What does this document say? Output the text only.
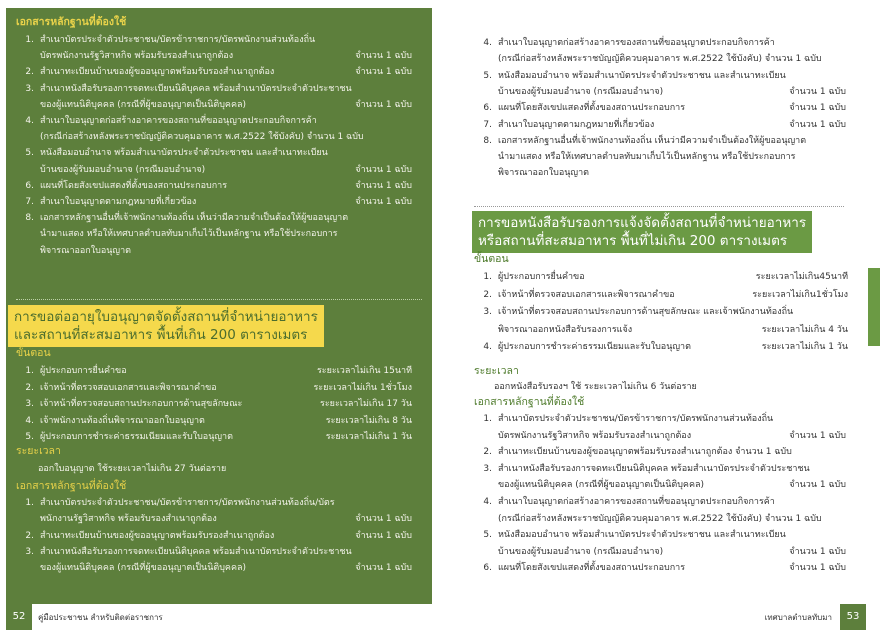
เอกสารหลักฐานที่ต้องใช้
1. สำเนาบัตรประจำตัวประชาชน/บัตรข้าราชการ/บัตรพนักงานส่วนท้องถิ่น
บัตรพนักงานรัฐวิสาหกิจ พร้อมรับรองสำเนาถูกต้อง	จำนวน 1 ฉบับ
2. สำเนาทะเบียนบ้านของผู้ขออนุญาตพร้อมรับรองสำเนาถูกต้อง	จำนวน 1 ฉบับ
3. สำเนาหนังสือรับรองการจดทะเบียนนิติบุคคล พร้อมสำเนาบัตรประจำตัวประชาชน
ของผู้แทนนิติบุคคล (กรณีที่ผู้ขออนุญาตเป็นนิติบุคคล)	จำนวน 1 ฉบับ
4. สำเนาใบอนุญาตก่อสร้างอาคารของสถานที่ขออนุญาตประกอบกิจการค้า
(กรณีก่อสร้างหลังพระราชบัญญัติควบคุมอาคาร พ.ศ.2522 ใช้บังคับ) จำนวน 1 ฉบับ
5. หนังสือมอบอำนาจ พร้อมสำเนาบัตรประจำตัวประชาชน และสำเนาทะเบียน
บ้านของผู้รับมอบอำนาจ (กรณีมอบอำนาจ)	จำนวน 1 ฉบับ
6. แผนที่โดยสังเขปแสดงที่ตั้งของสถานประกอบการ	จำนวน 1 ฉบับ
7. สำเนาใบอนุญาตตามกฎหมายที่เกี่ยวข้อง	จำนวน 1 ฉบับ
8. เอกสารหลักฐานอื่นที่เจ้าพนักงานท้องถิ่น เห็นว่ามีความจำเป็นต้องให้ผู้ขออนุญาต
นำมาแสดง หรือให้เทศบาลตำบลทับมาเก็บไว้เป็นหลักฐาน หรือใช้ประกอบการ
พิจารณาออกใบอนุญาต
การขอต่ออายุใบอนุญาตจัดตั้งสถานที่จำหน่ายอาหาร
และสถานที่สะสมอาหาร พื้นที่เกิน 200 ตารางเมตร
ขั้นตอน
1. ผู้ประกอบการยื่นคำขอ	ระยะเวลาไม่เกิน 15นาที
2. เจ้าหน้าที่ตรวจสอบเอกสารและพิจารณาคำขอ	ระยะเวลาไม่เกิน 1ชั่วโมง
3. เจ้าหน้าที่ตรวจสอบสถานประกอบการด้านสุขลักษณะ	ระยะเวลาไม่เกิน 17 วัน
4. เจ้าพนักงานท้องถิ่นพิจารณาออกใบอนุญาต	ระยะเวลาไม่เกิน 8 วัน
5. ผู้ประกอบการชำระค่าธรรมเนียมและรับใบอนุญาต	ระยะเวลาไม่เกิน 1 วัน
ระยะเวลา
ออกใบอนุญาต ใช้ระยะเวลาไม่เกิน 27 วันต่อราย
เอกสารหลักฐานที่ต้องใช้
1. สำเนาบัตรประจำตัวประชาชน/บัตรข้าราชการ/บัตรพนักงานส่วนท้องถิ่น/บัตร
พนักงานรัฐวิสาหกิจ พร้อมรับรองสำเนาถูกต้อง	จำนวน 1 ฉบับ
2. สำเนาทะเบียนบ้านของผู้ขออนุญาตพร้อมรับรองสำเนาถูกต้อง	จำนวน 1 ฉบับ
3. สำเนาหนังสือรับรองการจดทะเบียนนิติบุคคล พร้อมสำเนาบัตรประจำตัวประชาชน
ของผู้แทนนิติบุคคล (กรณีที่ผู้ขออนุญาตเป็นนิติบุคคล)	จำนวน 1 ฉบับ
4. สำเนาใบอนุญาตก่อสร้างอาคารของสถานที่ขออนุญาตประกอบกิจการค้า
(กรณีก่อสร้างหลังพระราชบัญญัติควบคุมอาคาร พ.ศ.2522 ใช้บังคับ) จำนวน 1 ฉบับ
5. หนังสือมอบอำนาจ พร้อมสำเนาบัตรประจำตัวประชาชน และสำเนาทะเบียน
บ้านของผู้รับมอบอำนาจ (กรณีมอบอำนาจ)	จำนวน 1 ฉบับ
6. แผนที่โดยสังเขปแสดงที่ตั้งของสถานประกอบการ	จำนวน 1 ฉบับ
7. สำเนาใบอนุญาตตามกฎหมายที่เกี่ยวข้อง	จำนวน 1 ฉบับ
8. เอกสารหลักฐานอื่นที่เจ้าพนักงานท้องถิ่น เห็นว่ามีความจำเป็นต้องให้ผู้ขออนุญาต
นำมาแสดง หรือให้เทศบาลตำบลทับมาเก็บไว้เป็นหลักฐาน หรือใช้ประกอบการ
พิจารณาออกใบอนุญาต
การขอหนังสือรับรองการแจ้งจัดตั้งสถานที่จำหน่ายอาหาร
หรือสถานที่สะสมอาหาร พื้นที่ไม่เกิน 200 ตารางเมตร
ขั้นตอน
1. ผู้ประกอบการยื่นคำขอ	ระยะเวลาไม่เกิน45นาที
2. เจ้าหน้าที่ตรวจสอบเอกสารและพิจารณาคำขอ	ระยะเวลาไม่เกิน1ชั่วโมง
3. เจ้าหน้าที่ตรวจสอบสถานประกอบการด้านสุขลักษณะ และเจ้าพนักงานท้องถิ่น
พิจารณาออกหนังสือรับรองการแจ้ง	ระยะเวลาไม่เกิน 4 วัน
4. ผู้ประกอบการชำระค่าธรรมเนียมและรับใบอนุญาต	ระยะเวลาไม่เกิน 1 วัน
ระยะเวลา
ออกหนังสือรับรองฯ ใช้ ระยะเวลาไม่เกิน 6 วันต่อราย
เอกสารหลักฐานที่ต้องใช้
1. สำเนาบัตรประจำตัวประชาชน/บัตรข้าราชการ/บัตรพนักงานส่วนท้องถิ่น
บัตรพนักงานรัฐวิสาหกิจ พร้อมรับรองสำเนาถูกต้อง	จำนวน 1 ฉบับ
2. สำเนาทะเบียนบ้านของผู้ขออนุญาตพร้อมรับรองสำเนาถูกต้อง จำนวน 1 ฉบับ
3. สำเนาหนังสือรับรองการจดทะเบียนนิติบุคคล พร้อมสำเนาบัตรประจำตัวประชาชน
ของผู้แทนนิติบุคคล (กรณีที่ผู้ขออนุญาตเป็นนิติบุคคล)	จำนวน 1 ฉบับ
4. สำเนาใบอนุญาตก่อสร้างอาคารของสถานที่ขออนุญาตประกอบกิจการค้า
(กรณีก่อสร้างหลังพระราชบัญญัติควบคุมอาคาร พ.ศ.2522 ใช้บังคับ) จำนวน 1 ฉบับ
5. หนังสือมอบอำนาจ พร้อมสำเนาบัตรประจำตัวประชาชน และสำเนาทะเบียน
บ้านของผู้รับมอบอำนาจ (กรณีมอบอำนาจ)	จำนวน 1 ฉบับ
6. แผนที่โดยสังเขปแสดงที่ตั้งของสถานประกอบการ	จำนวน 1 ฉบับ
52	คู่มือประชาชน สำหรับติดต่อราชการ	เทศบาลตำบลทับมา	53
